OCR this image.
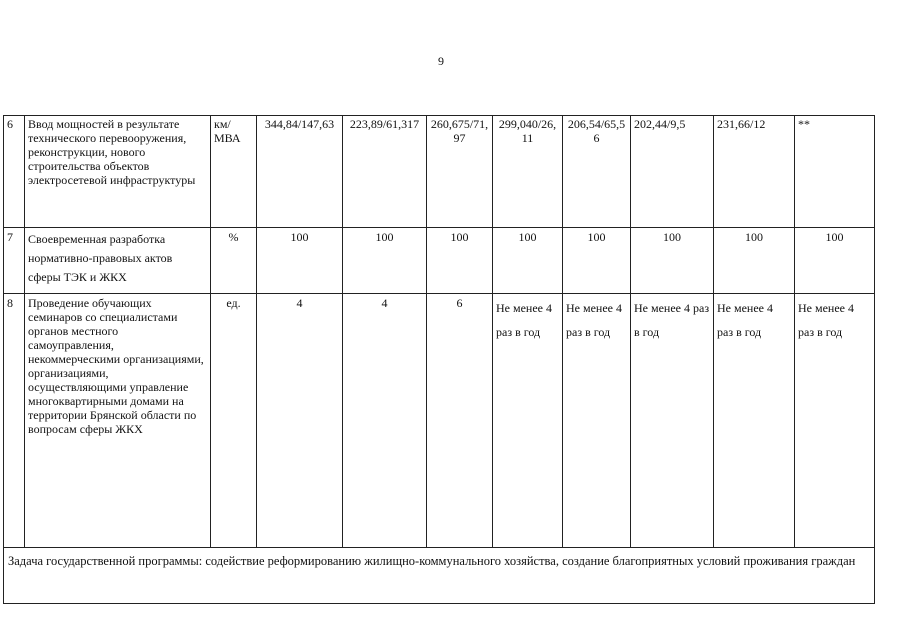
9
6	Ввод мощностей в результате технического перевооружения, реконструкции, нового строительства объектов электросетевой инфраструктуры	км/МВА	344,84/147,63	223,89/61,317	260,675/71,97	299,040/26,11	206,54/65,56	202,44/9,5	231,66/12	**
7	Своевременная разработка нормативно-правовых актов сферы ТЭК и ЖКХ	%	100	100	100	100	100	100	100	100
8	Проведение обучающих семинаров со специалистами органов местного самоуправления, некоммерческими организациями, организациями, осуществляющими управление многоквартирными домами на территории Брянской области по вопросам сферы ЖКХ	ед.	4	4	6	Не менее 4 раз в год	Не менее 4 раз в год	Не менее 4 раз в год	Не менее 4 раз в год	Не менее 4 раз в год
Задача государственной программы: содействие реформированию жилищно-коммунального хозяйства, создание благоприятных условий проживания граждан										
